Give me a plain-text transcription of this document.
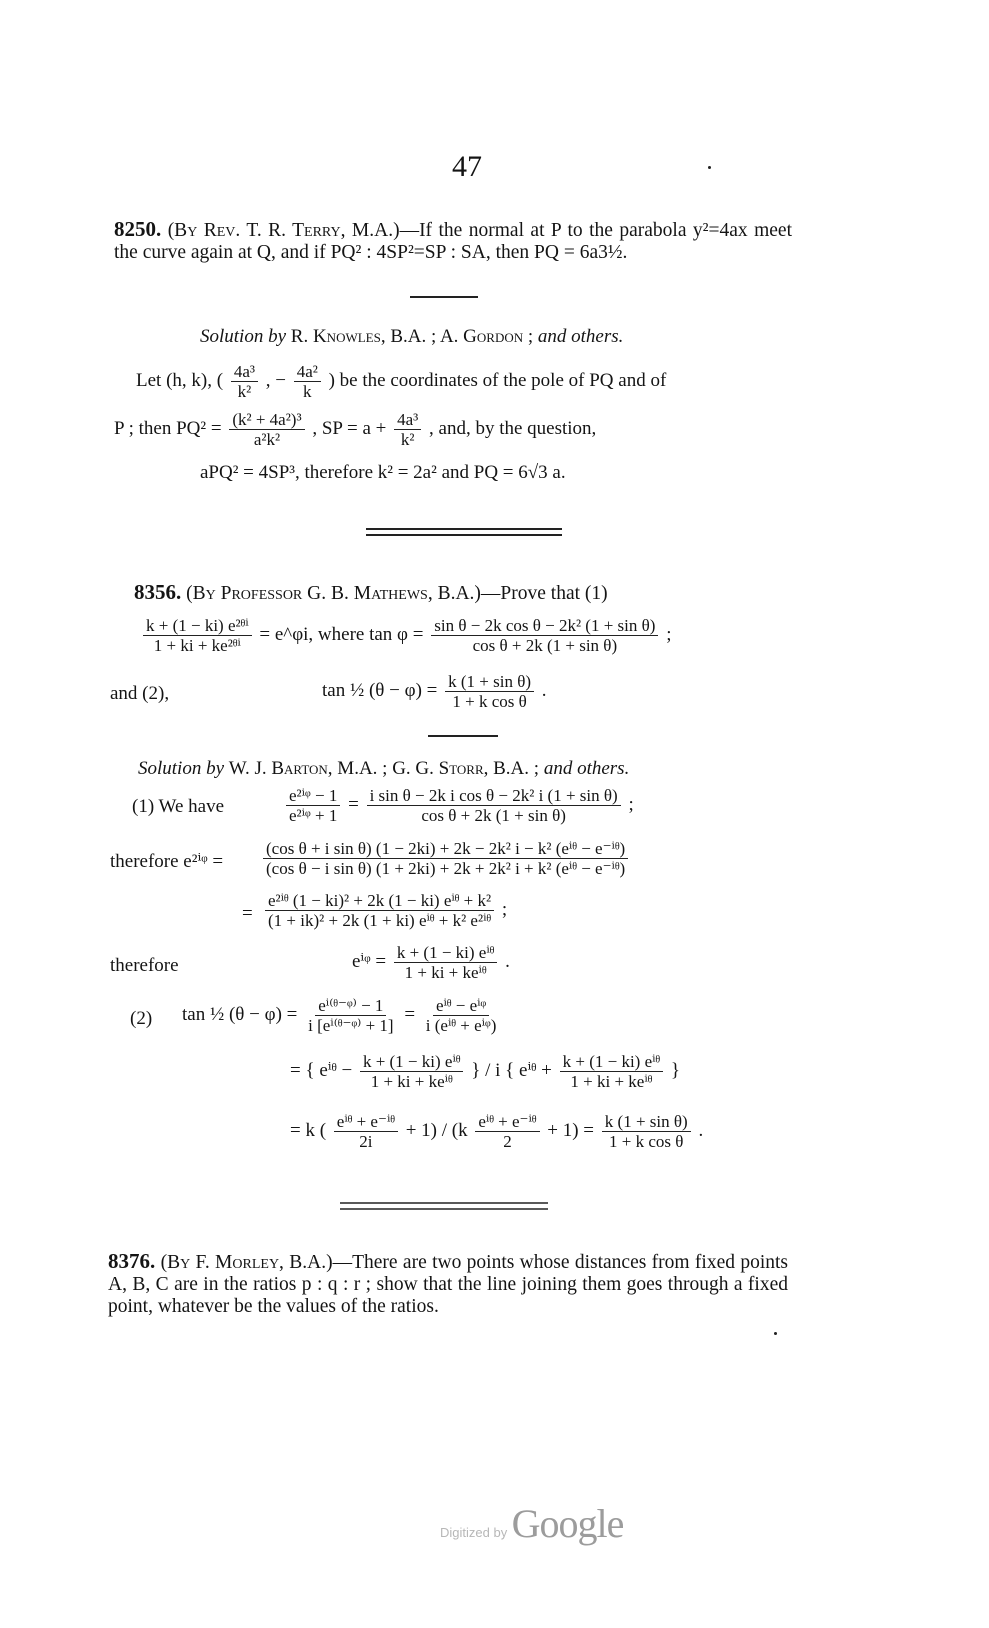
47
8250. (By Rev. T. R. Terry, M.A.)—If the normal at P to the parabola y²=4ax meet the curve again at Q, and if PQ² : 4SP²=SP : SA, then PQ = 6a3½.
Solution by R. Knowles, B.A. ; A. Gordon ; and others.
Let (h, k), ( $\frac{\text{4a³}}{\text{k²}}$ , − $\frac{\text{4a²}}{k}$ ) be the coordinates of the pole of PQ and of
P ; then $PQ^2 = \frac{\text{(k² + 4a²)³}}{\text{a²k²}}$ , SP = $a + \frac{\text{4a³}}{\text{k²}}$ , and, by the question,
aPQ² = 4SP³, therefore k² = 2a² and PQ = 6√3 a.
8356. (By Professor G. B. Mathews, B.A.)—Prove that (1)
$\frac{\text{k + (1 − ki) e²ᶿⁱ}}{\text{1 + ki + ke²ᶿⁱ}}$ = e^φi, where $\tan \varphi = \frac{\text{sin θ − 2k cos θ − 2k² (1 + sin θ)}}{\text{cos θ + 2k (1 + sin θ)}}$ ;
and (2),	tan ½ $(\theta - \varphi) = \frac{\text{k (1 + sin θ)}}{\text{1 + k cos θ}}$ .
Solution by W. J. Barton, M.A. ; G. G. Storr, B.A. ; and others.
(1) We have	$\frac{\text{e²ⁱᵠ − 1}}{\text{e²ⁱᵠ + 1}} = \frac{\text{i sin θ − 2k i cos θ − 2k² i (1 + sin θ)}}{\text{cos θ + 2k (1 + sin θ)}}$ ;
therefore e²ⁱᵠ = $\frac{\text{(cos θ + i sin θ) (1 − 2ki) + 2k − 2k² i − k² (eⁱᶿ − e⁻ⁱᶿ)}}{\text{(cos θ − i sin θ) (1 + 2ki) + 2k + 2k² i + k² (eⁱᶿ − e⁻ⁱᶿ)}}$
= $\frac{\text{e²ⁱᶿ (1 − ki)² + 2k (1 − ki) eⁱᶿ + k²}}{\text{(1 + ik)² + 2k (1 + ki) eⁱᶿ + k² e²ⁱᶿ}}$ ;
therefore	eⁱᵠ = $\frac{\text{k + (1 − ki) eⁱᶿ}}{\text{1 + ki + keⁱᶿ}}$ .
(2) tan ½ $(\theta - \varphi) = \frac{\text{eⁱ⁽ᶿ⁻ᵠ⁾ − 1}}{\text{i [eⁱ⁽ᶿ⁻ᵠ⁾ + 1]}} = \frac{\text{eⁱᶿ − eⁱᵠ}}{\text{i (eⁱᶿ + eⁱᵠ)}}$
= { eⁱᶿ − $\frac{\text{k + (1 − ki) eⁱᶿ}}{\text{1 + ki + keⁱᶿ}}$ } / i { eⁱᶿ + $\frac{\text{k + (1 − ki) eⁱᶿ}}{\text{1 + ki + keⁱᶿ}}$ }
= k ( $\frac{\text{eⁱᶿ + e⁻ⁱᶿ}}{2i} + 1) / (k \frac{\text{eⁱᶿ + e⁻ⁱᶿ}}{2} + 1) = \frac{\text{k (1 + sin θ)}}{\text{1 + k cos θ}}$ .
8376. (By F. Morley, B.A.)—There are two points whose distances from fixed points A, B, C are in the ratios p : q : r ; show that the line joining them goes through a fixed point, whatever be the values of the ratios.
Digitized by Google
